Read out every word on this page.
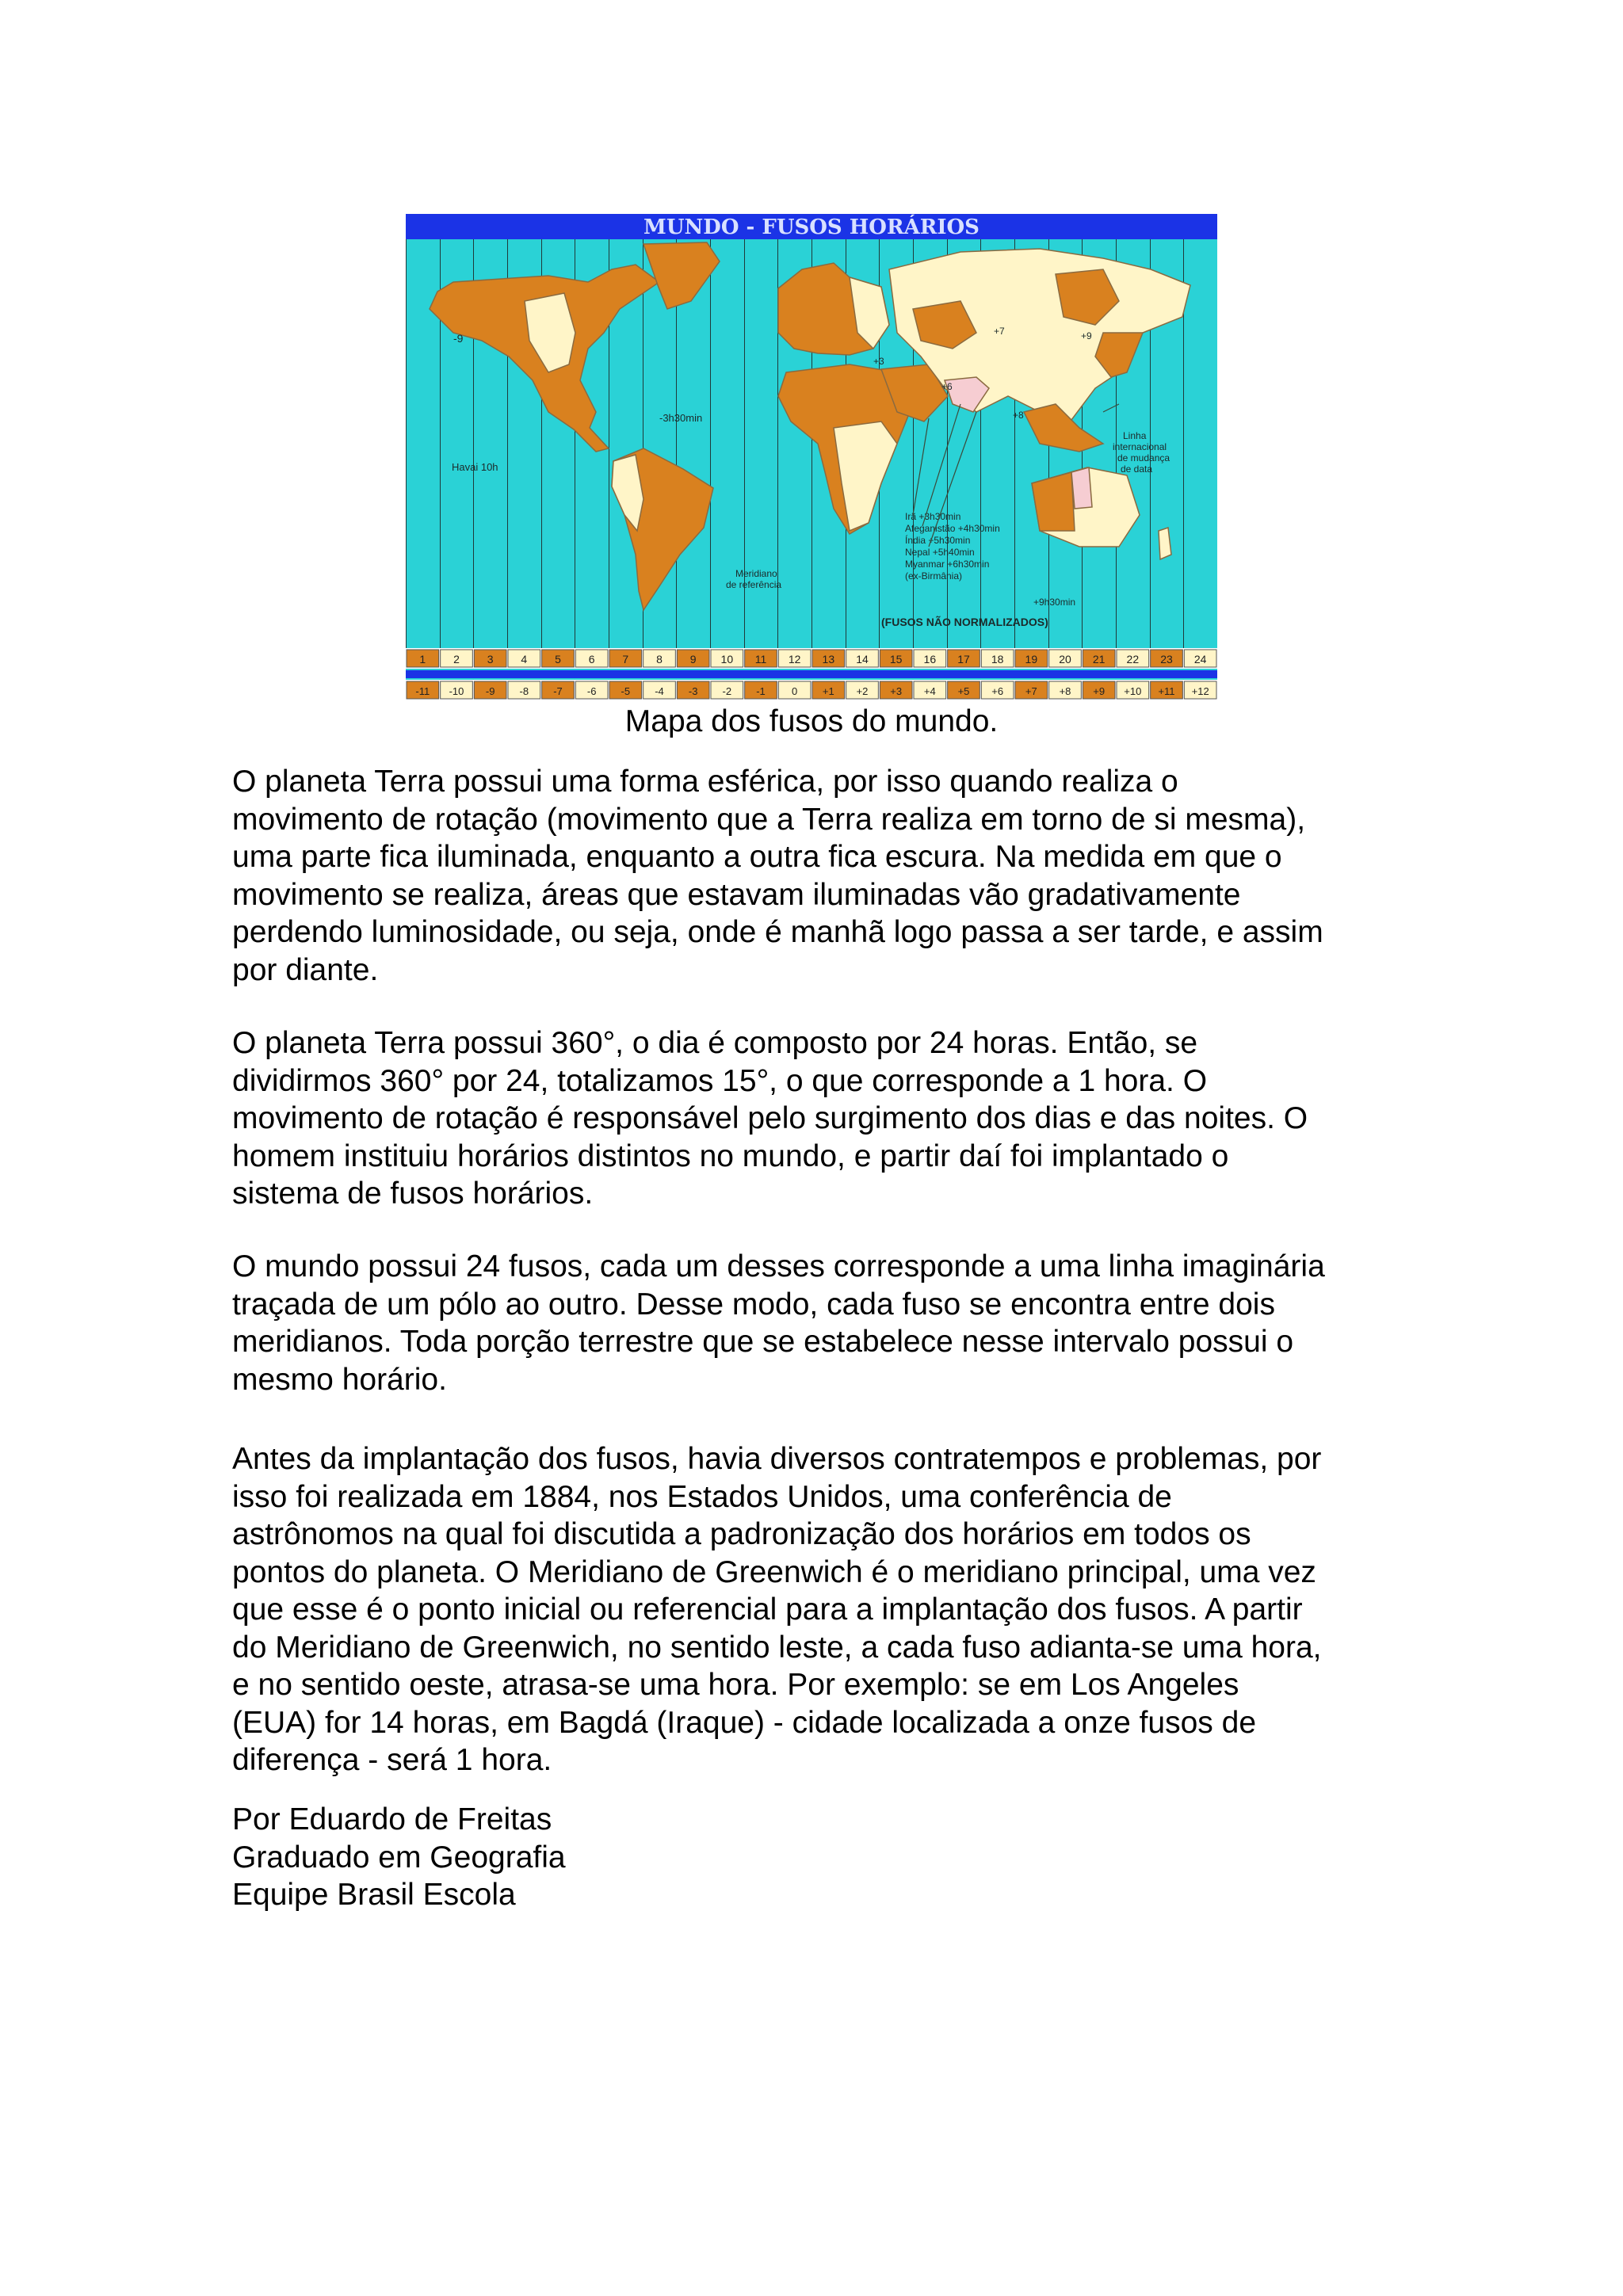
MUNDO - FUSOS HORÁRIOS
-9
-3h30min
Havai 10h
+3
+6
+7	+9
+8
Meridiano
de referência
Linha
internacional
de mudança
de data
(FUSOS NÃO NORMALIZADOS)
+9h30min
Irã +3h30min
Afeganistão +4h30min
Índia +5h30min
Nepal +5h40min
Myanmar +6h30min
(ex-Birmânia)
1 2 3 4 5 6 7 8 9 10 11 12 13 14 15 16 17 18 19 20 21 22 23 24
-11 -10 -9 -8 -7 -6 -5 -4 -3 -2 -1	0 +1 +2 +3 +4 +5 +6 +7 +8 +9 +10 +11 +12
Mapa dos fusos do mundo.

O planeta Terra possui uma forma esférica, por isso quando realiza o
movimento de rotação (movimento que a Terra realiza em torno de si mesma),
uma parte fica iluminada, enquanto a outra fica escura. Na medida em que o
movimento se realiza, áreas que estavam iluminadas vão gradativamente
perdendo luminosidade, ou seja, onde é manhã logo passa a ser tarde, e assim
por diante.

O planeta Terra possui 360°, o dia é composto por 24 horas. Então, se
dividirmos 360° por 24, totalizamos 15°, o que corresponde a 1 hora. O
movimento de rotação é responsável pelo surgimento dos dias e das noites. O
homem instituiu horários distintos no mundo, e partir daí foi implantado o
sistema de fusos horários.

O mundo possui 24 fusos, cada um desses corresponde a uma linha imaginária
traçada de um pólo ao outro. Desse modo, cada fuso se encontra entre dois
meridianos. Toda porção terrestre que se estabelece nesse intervalo possui o
mesmo horário.

Antes da implantação dos fusos, havia diversos contratempos e problemas, por
isso foi realizada em 1884, nos Estados Unidos, uma conferência de
astrônomos na qual foi discutida a padronização dos horários em todos os
pontos do planeta. O Meridiano de Greenwich é o meridiano principal, uma vez
que esse é o ponto inicial ou referencial para a implantação dos fusos. A partir
do Meridiano de Greenwich, no sentido leste, a cada fuso adianta-se uma hora,
e no sentido oeste, atrasa-se uma hora. Por exemplo: se em Los Angeles
(EUA) for 14 horas, em Bagdá (Iraque) - cidade localizada a onze fusos de
diferença - será 1 hora.

Por Eduardo de Freitas
Graduado em Geografia
Equipe Brasil Escola
